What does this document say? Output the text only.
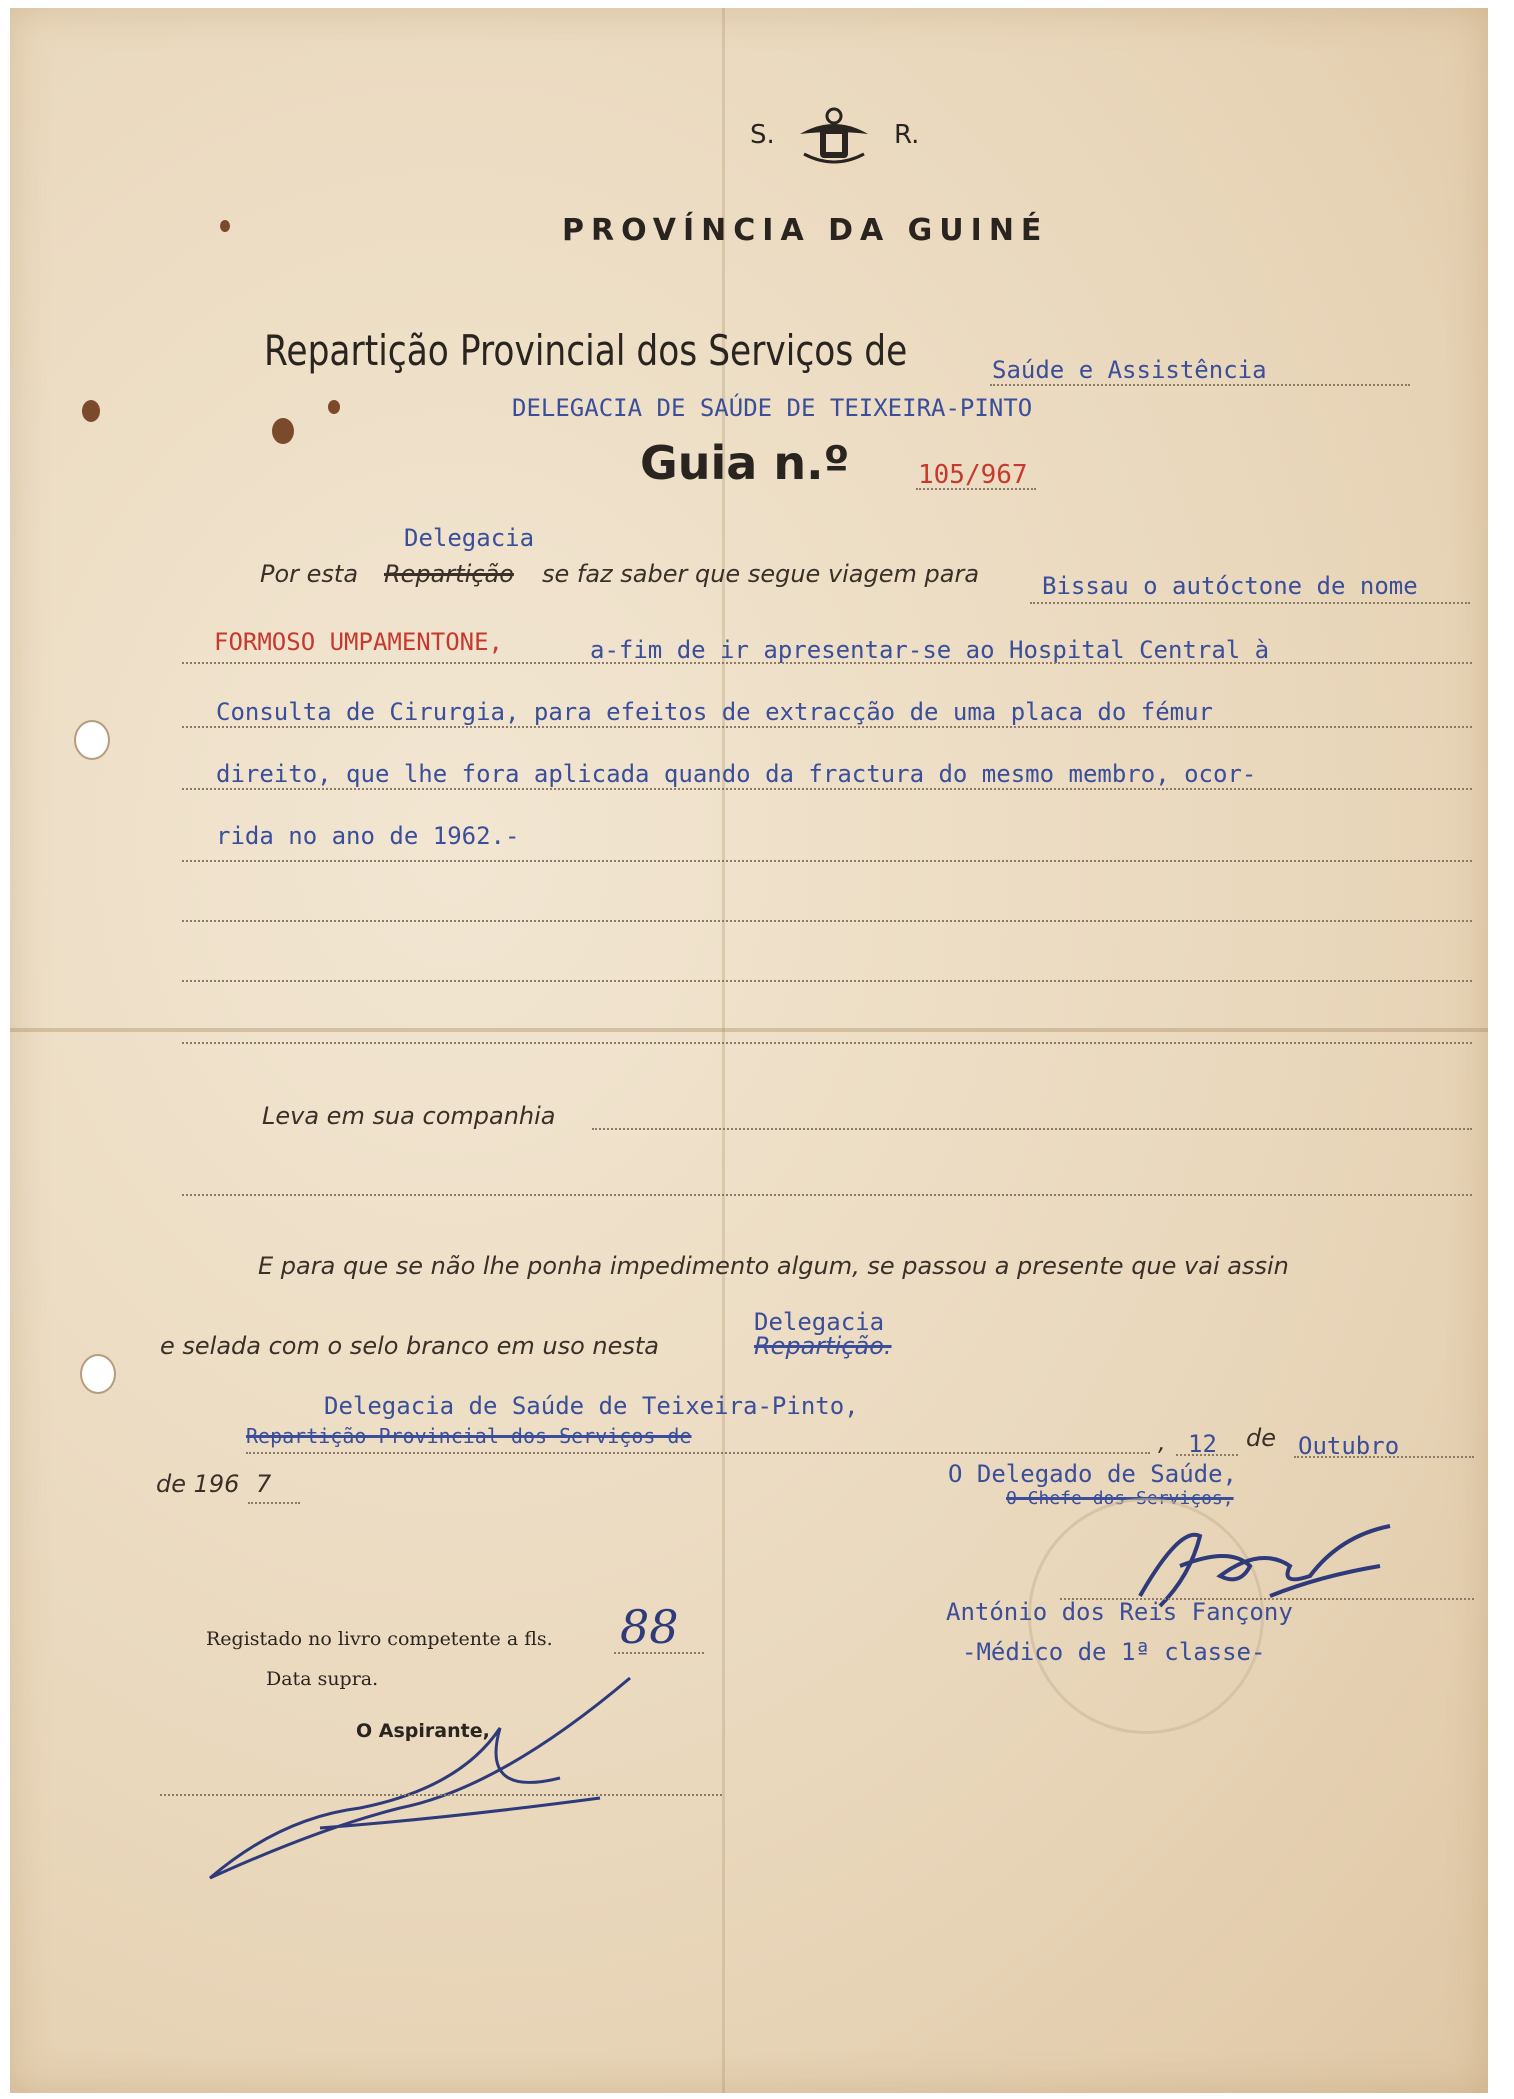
S.	R.
PROVÍNCIA DA GUINÉ
Repartição Provincial dos Serviços de	Saúde e Assistência
DELEGACIA DE SAÚDE DE TEIXEIRA-PINTO
Guia n.º	105/967
Delegacia
Por esta Repartição se faz saber que segue viagem para	Bissau o autóctone de nome
FORMOSO UMPAMENTONE,	a-fim de ir apresentar-se ao Hospital Central à
Consulta de Cirurgia, para efeitos de extracção de uma placa do fémur
direito, que lhe fora aplicada quando da fractura do mesmo membro, ocor-
rida no ano de 1962.-
Leva em sua companhia
E para que se não lhe ponha impedimento algum, se passou a presente que vai assin
Delegacia
e selada com o selo branco em uso nesta	Repartição.
Delegacia de Saúde de Teixeira-Pinto,
Repartição Provincial dos Serviços de	, 12 de Outubro
de 196 7	O Delegado de Saúde,
O Chefe dos Serviços,
António dos Reis Fançony
-Médico de 1ª classe-
Registado no livro competente a fls. 88
Data supra.
O Aspirante,
